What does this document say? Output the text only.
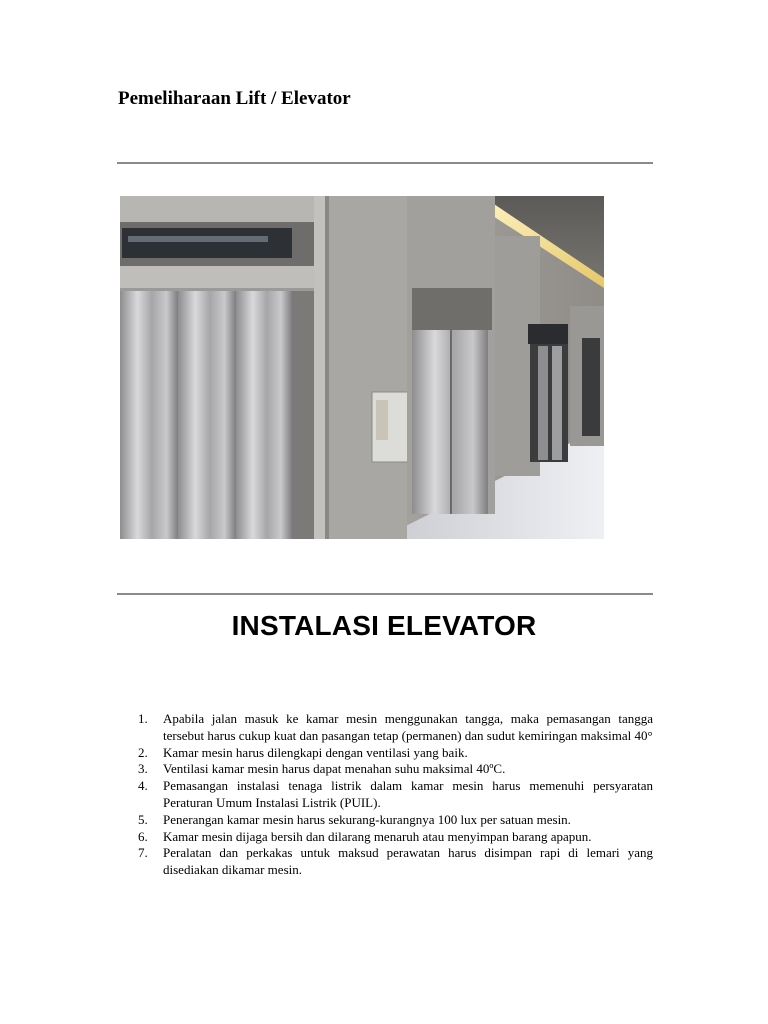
Pemeliharaan Lift / Elevator
INSTALASI ELEVATOR
1. Apabila jalan masuk ke kamar mesin menggunakan tangga, maka pemasangan tangga tersebut harus cukup kuat dan pasangan tetap (permanen) dan sudut kemiringan maksimal 40°
2. Kamar mesin harus dilengkapi dengan ventilasi yang baik.
3. Ventilasi kamar mesin harus dapat menahan suhu maksimal 40ºC.
4. Pemasangan instalasi tenaga listrik dalam kamar mesin harus memenuhi persyaratan Peraturan Umum Instalasi Listrik (PUIL).
5. Penerangan kamar mesin harus sekurang-kurangnya 100 lux per satuan mesin.
6. Kamar mesin dijaga bersih dan dilarang menaruh atau menyimpan barang apapun.
7. Peralatan dan perkakas untuk maksud perawatan harus disimpan rapi di lemari yang disediakan dikamar mesin.
